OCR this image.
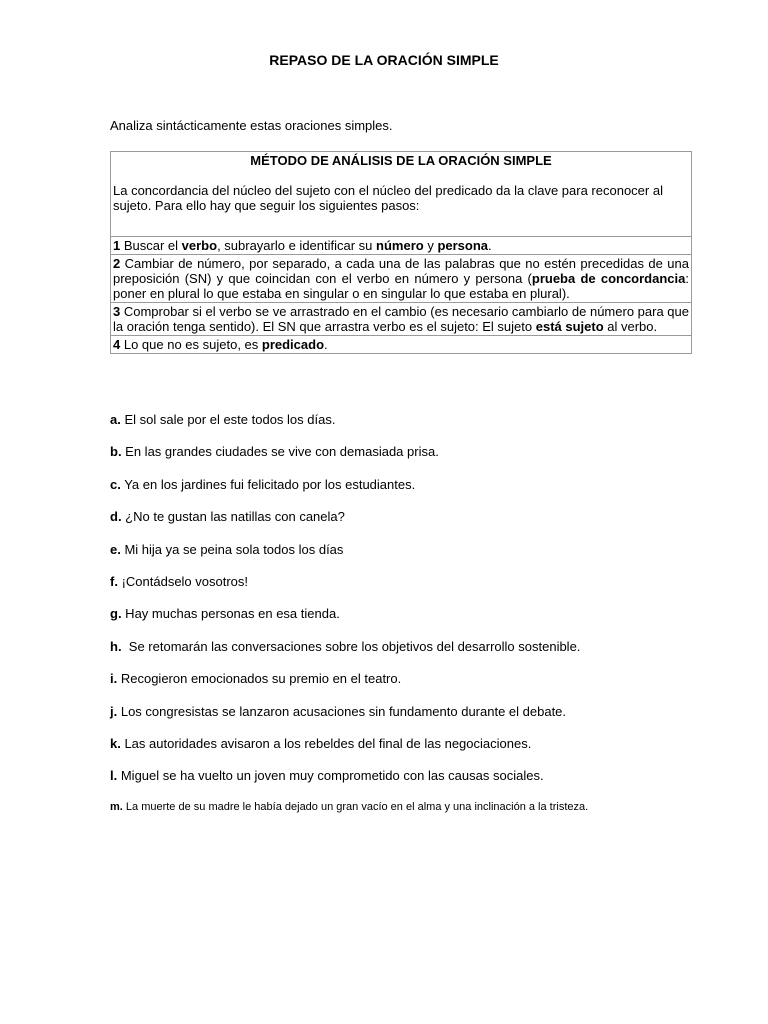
REPASO DE LA ORACIÓN SIMPLE
Analiza sintácticamente estas oraciones simples.
MÉTODO DE ANÁLISIS DE LA ORACIÓN SIMPLE
La concordancia del núcleo del sujeto con el núcleo del predicado da la clave para reconocer al sujeto. Para ello hay que seguir los siguientes pasos:
1 Buscar el verbo, subrayarlo e identificar su número y persona.
2 Cambiar de número, por separado, a cada una de las palabras que no estén precedidas de una preposición (SN) y que coincidan con el verbo en número y persona (prueba de concordancia: poner en plural lo que estaba en singular o en singular lo que estaba en plural).
3 Comprobar si el verbo se ve arrastrado en el cambio (es necesario cambiarlo de número para que la oración tenga sentido). El SN que arrastra verbo es el sujeto: El sujeto está sujeto al verbo.
4 Lo que no es sujeto, es predicado.
a. El sol sale por el este todos los días.
b. En las grandes ciudades se vive con demasiada prisa.
c. Ya en los jardines fui felicitado por los estudiantes.
d. ¿No te gustan las natillas con canela?
e. Mi hija ya se peina sola todos los días
f. ¡Contádselo vosotros!
g. Hay muchas personas en esa tienda.
h.  Se retomarán las conversaciones sobre los objetivos del desarrollo sostenible.
i. Recogieron emocionados su premio en el teatro.
j. Los congresistas se lanzaron acusaciones sin fundamento durante el debate.
k. Las autoridades avisaron a los rebeldes del final de las negociaciones.
l. Miguel se ha vuelto un joven muy comprometido con las causas sociales.
m. La muerte de su madre le había dejado un gran vacío en el alma y una inclinación a la tristeza.
